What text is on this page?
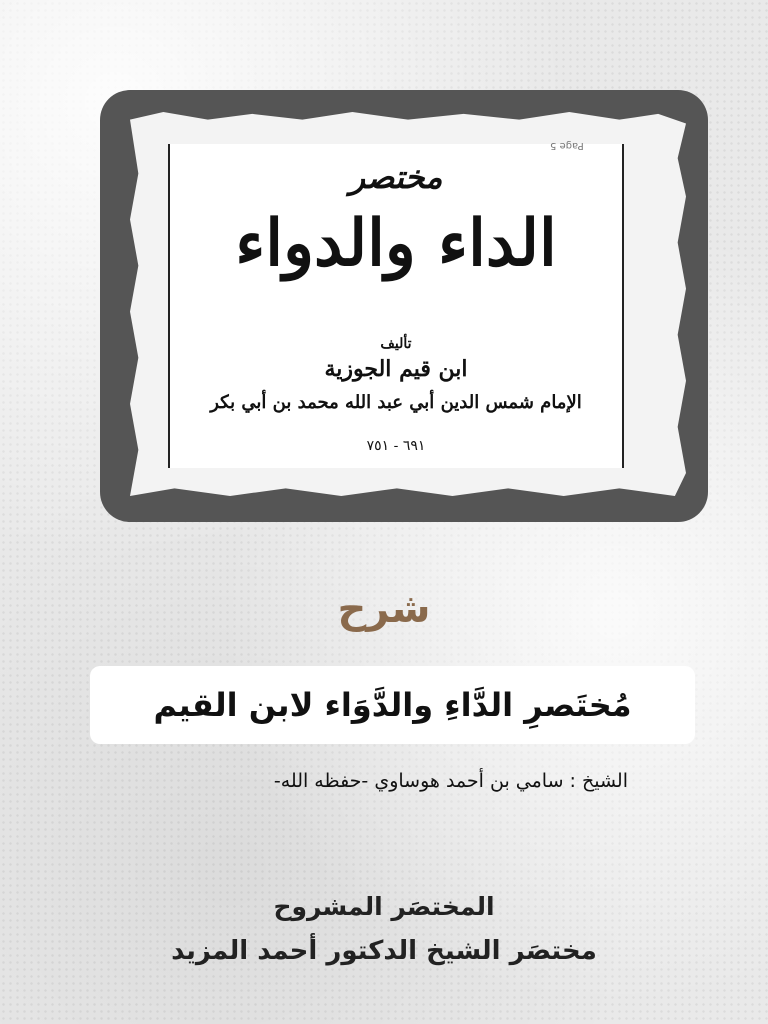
Page 5
مختصر
الداء والدواء
تأليف
ابن قيم الجوزية
الإمام شمس الدين أبي عبد الله محمد بن أبي بكر
٦٩١ - ٧٥١
شرح
مُختَصرِ الدَّاءِ والدَّوَاء لابن القيم
الشيخ : سامي بن أحمد هوساوي -حفظه الله-
المختصَر المشروح
مختصَر الشيخ الدكتور أحمد المزيد
